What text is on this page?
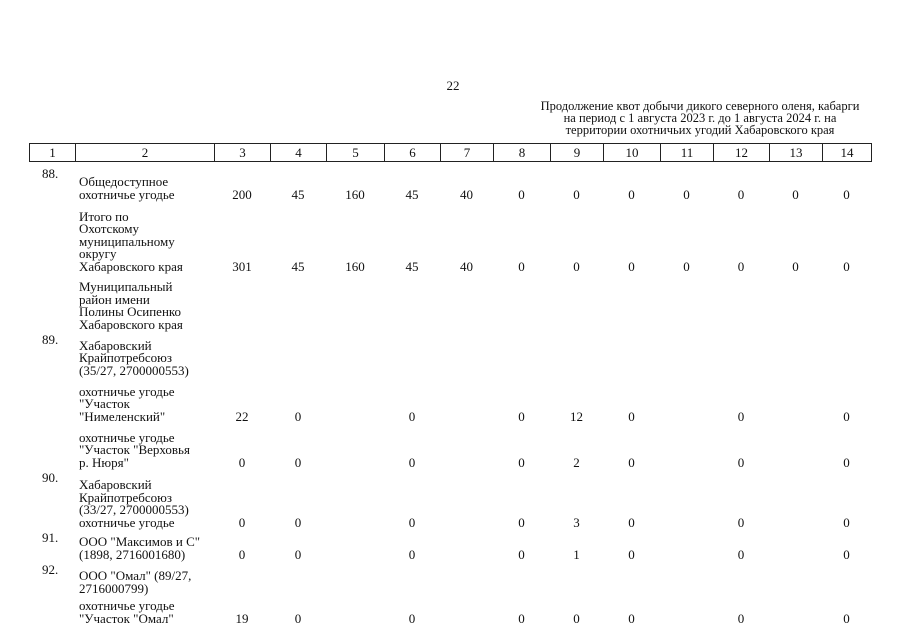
22
Продолжение квот добычи дикого северного оленя, кабарги
на период с 1 августа 2023 г. до 1 августа 2024 г. на
территории охотничьих угодий Хабаровского края
1	2	3	4	5	6	7	8	9	10	11	12	13	14
88.	Общедоступное
охотничье угодье	200	45	160	45	40	0	0	0	0	0	0	0

	Итого по
Охотскому
муниципальному
округу
Хабаровского края	301	45	160	45	40	0	0	0	0	0	0	0

	Муниципальный
район имени
Полины Осипенко
Хабаровского края												

89.	Хабаровский
Крайпотребсоюз
(35/27, 2700000553)												

	охотничье угодье
"Участок
"Нимеленский"	22	0		0		0	12	0		0		0

	охотничье угодье
"Участок "Верховья
р. Нюря"	0	0		0		0	2	0		0		0
90.	Хабаровский
Крайпотребсоюз
(33/27, 2700000553)
охотничье угодье	0	0		0		0	3	0		0		0
91.	ООО "Максимов и С"
(1898, 2716001680)	0	0		0		0	1	0		0		0
92.	ООО "Омал" (89/27,
2716000799)												

	охотничье угодье
"Участок "Омал"	19	0		0		0	0	0		0		0
